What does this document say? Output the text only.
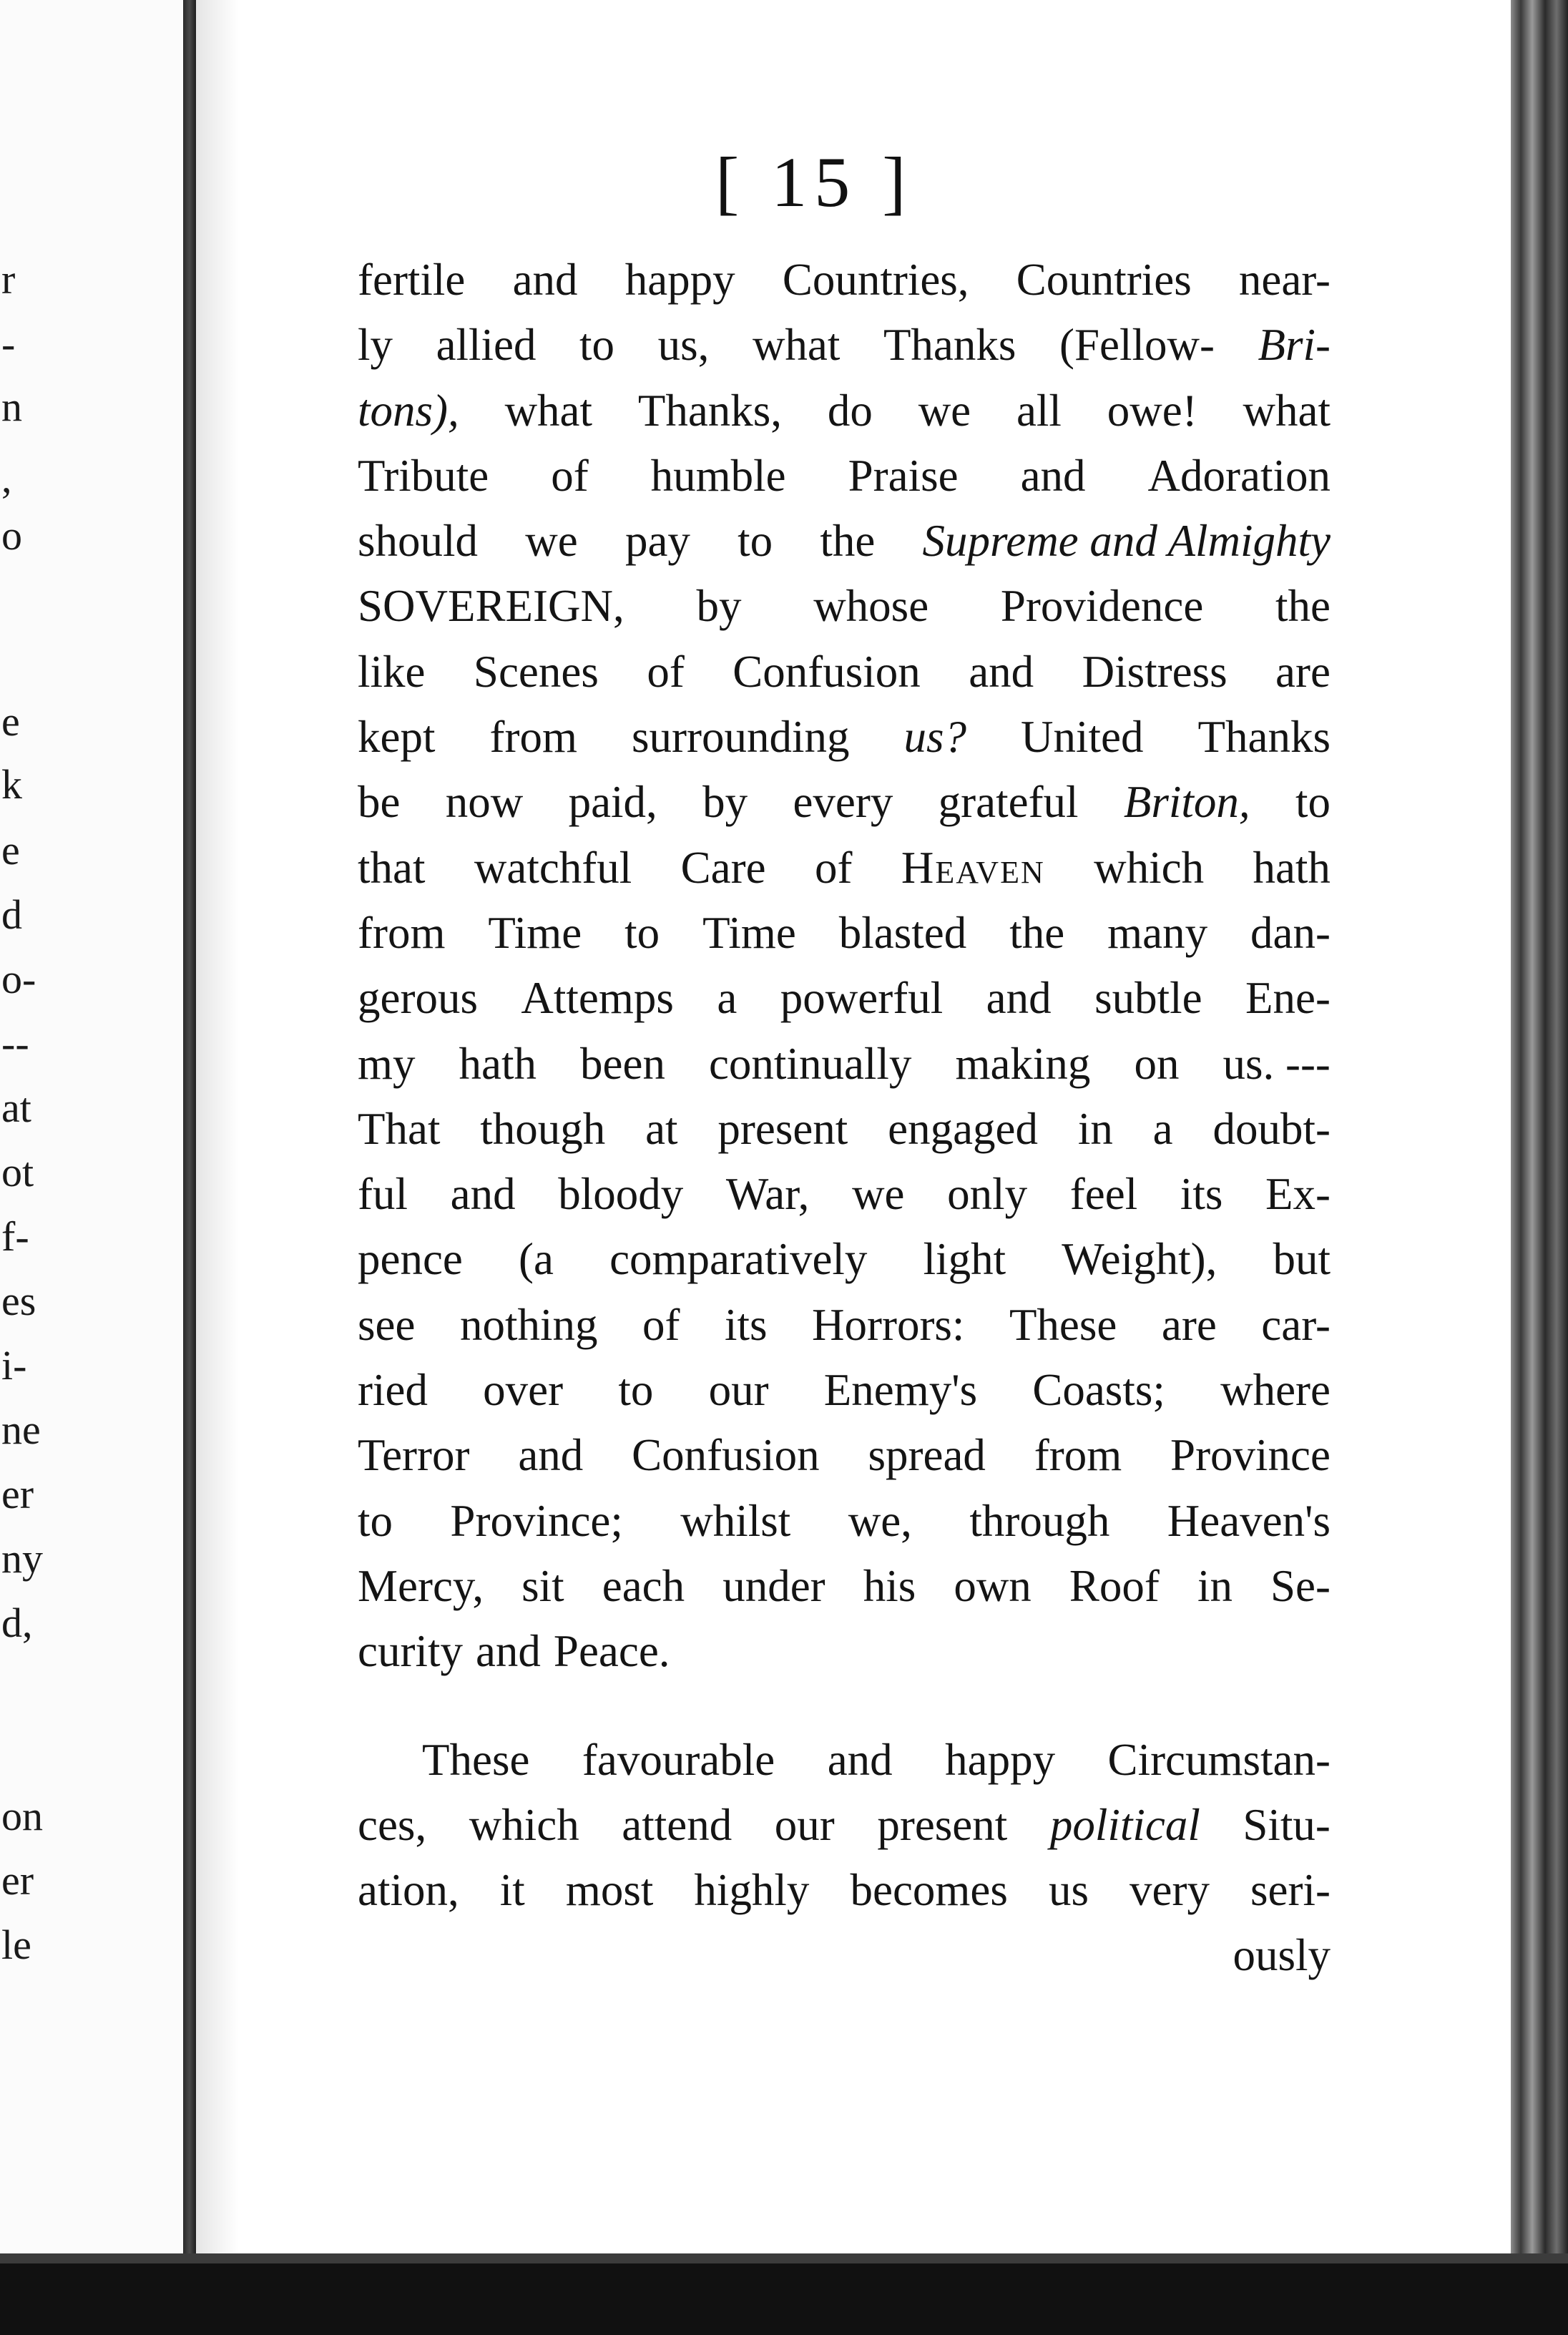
r
-
n
,
o
e
k
e
d
o-
--
at
ot
f-
es
i-
ne
er
ny
d,
on
er
le
[ 15 ]
fertile and happy Countries, Countries near-
ly allied to us, what Thanks (Fellow- Bri-
tons), what Thanks, do we all owe! what
Tribute of humble Praise and Adoration
should we pay to the Supreme and Almighty
SOVEREIGN, by whose Providence the
like Scenes of Confusion and Distress are
kept from surrounding us? United Thanks
be now paid, by every grateful Briton, to
that watchful Care of Heaven which hath
from Time to Time blasted the many dan-
gerous Attemps a powerful and subtle Ene-
my hath been continually making on us. ---
That though at present engaged in a doubt-
ful and bloody War, we only feel its Ex-
pence (a comparatively light Weight), but
see nothing of its Horrors: These are car-
ried over to our Enemy's Coasts; where
Terror and Confusion spread from Province
to Province; whilst we, through Heaven's
Mercy, sit each under his own Roof in Se-
curity and Peace.
These favourable and happy Circumstan-
ces, which attend our present political Situ-
ation, it most highly becomes us very seri-
ously
